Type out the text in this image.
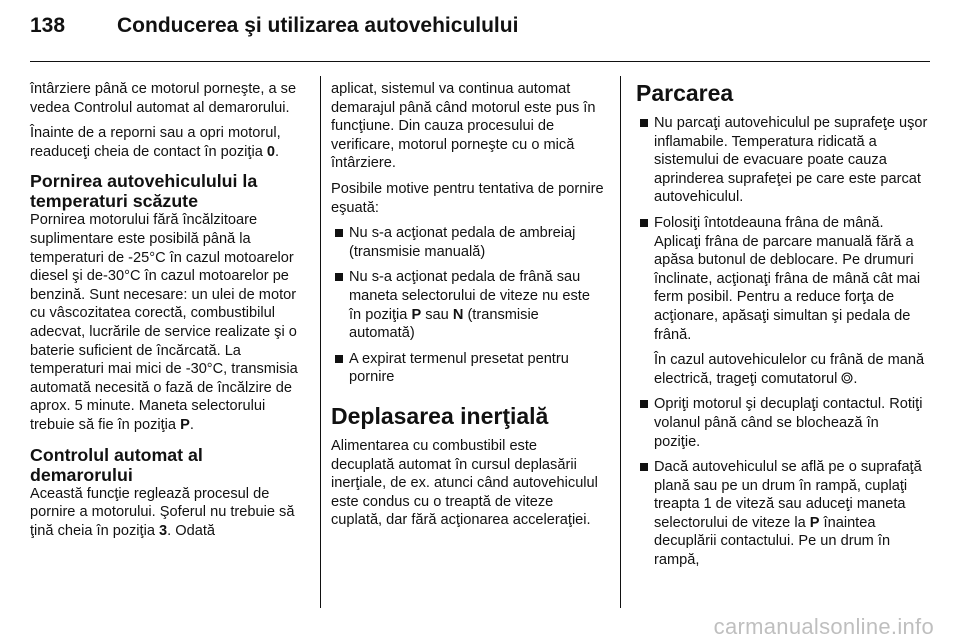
138 Conducerea şi utilizarea autovehiculului

întârziere până ce motorul porneşte, a se vedea Controlul automat al demarorului.

Înainte de a reporni sau a opri motorul, readuceţi cheia de contact în poziţia 0.

Pornirea autovehiculului la temperaturi scăzute

Pornirea motorului fără încălzitoare suplimentare este posibilă până la temperaturi de -25°C în cazul motoarelor diesel şi de-30°C în cazul motoarelor pe benzină. Sunt necesare: un ulei de motor cu vâscozitatea corectă, combustibilul adecvat, lucrările de service realizate şi o baterie suficient de încărcată. La temperaturi mai mici de -30°C, transmisia automată necesită o fază de încălzire de aprox. 5 minute. Maneta selectorului trebuie să fie în poziţia P.

Controlul automat al demarorului

Această funcţie reglează procesul de pornire a motorului. Şoferul nu trebuie să ţină cheia în poziţia 3. Odată

aplicat, sistemul va continua automat demarajul până când motorul este pus în funcţiune. Din cauza procesului de verificare, motorul porneşte cu o mică întârziere.

Posibile motive pentru tentativa de pornire eşuată:

Nu s-a acţionat pedala de ambreiaj (transmisie manuală)
Nu s-a acţionat pedala de frână sau maneta selectorului de viteze nu este în poziţia P sau N (transmisie automată)
A expirat termenul presetat pentru pornire
Deplasarea inerţială

Alimentarea cu combustibil este decuplată automat în cursul deplasării inerţiale, de ex. atunci când autovehiculul este condus cu o treaptă de viteze cuplată, dar fără acţionarea acceleraţiei.

Parcarea
Nu parcaţi autovehiculul pe suprafeţe uşor inflamabile. Temperatura ridicată a sistemului de evacuare poate cauza aprinderea suprafeţei pe care este parcat autovehiculul.
Folosiţi întotdeauna frâna de mână. Aplicaţi frâna de parcare manuală fără a apăsa butonul de deblocare. Pe drumuri înclinate, acţionaţi frâna de mână cât mai ferm posibil. Pentru a reduce forţa de acţionare, apăsaţi simultan şi pedala de frână.
În cazul autovehiculelor cu frână de mană electrică, trageţi comutatorul .
Opriţi motorul şi decuplaţi contactul. Rotiţi volanul până când se blochează în poziţie.
Dacă autovehiculul se află pe o suprafaţă plană sau pe un drum în rampă, cuplaţi treapta 1 de viteză sau aduceţi maneta selectorului de viteze la P înaintea decuplării contactului. Pe un drum în rampă,
carmanualsonline.info
